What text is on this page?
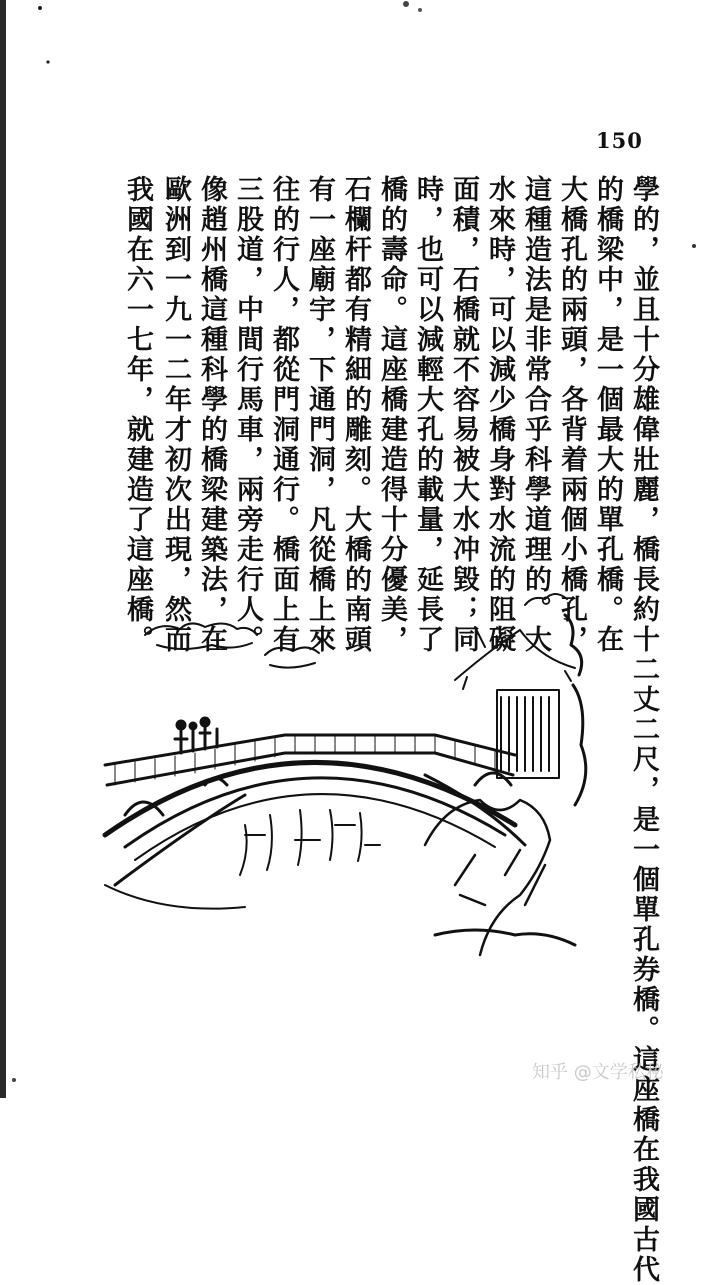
150
學的，並且十分雄偉壯麗，橋長約十二丈二尺，是一個單孔券橋。這座橋在我國古代
的橋梁中，是一個最大的單孔橋。在
大橋孔的兩頭，各背着兩個小橋孔，
這種造法是非常合乎科學道理的。大
水來時，可以減少橋身對水流的阻礙
面積，石橋就不容易被大水冲毀；同
時，也可以減輕大孔的載量，延長了
橋的壽命。這座橋建造得十分優美，
石欄杆都有精細的雕刻。大橋的南頭
有一座廟宇，下通門洞，凡從橋上來
往的行人，都從門洞通行。橋面上有
三股道，中間行馬車，兩旁走行人。
像趙州橋這種科學的橋梁建築法，在
歐洲到一九一二年才初次出現，然而
我國在六一七年，就建造了這座橋。
知乎 @文学私秘
